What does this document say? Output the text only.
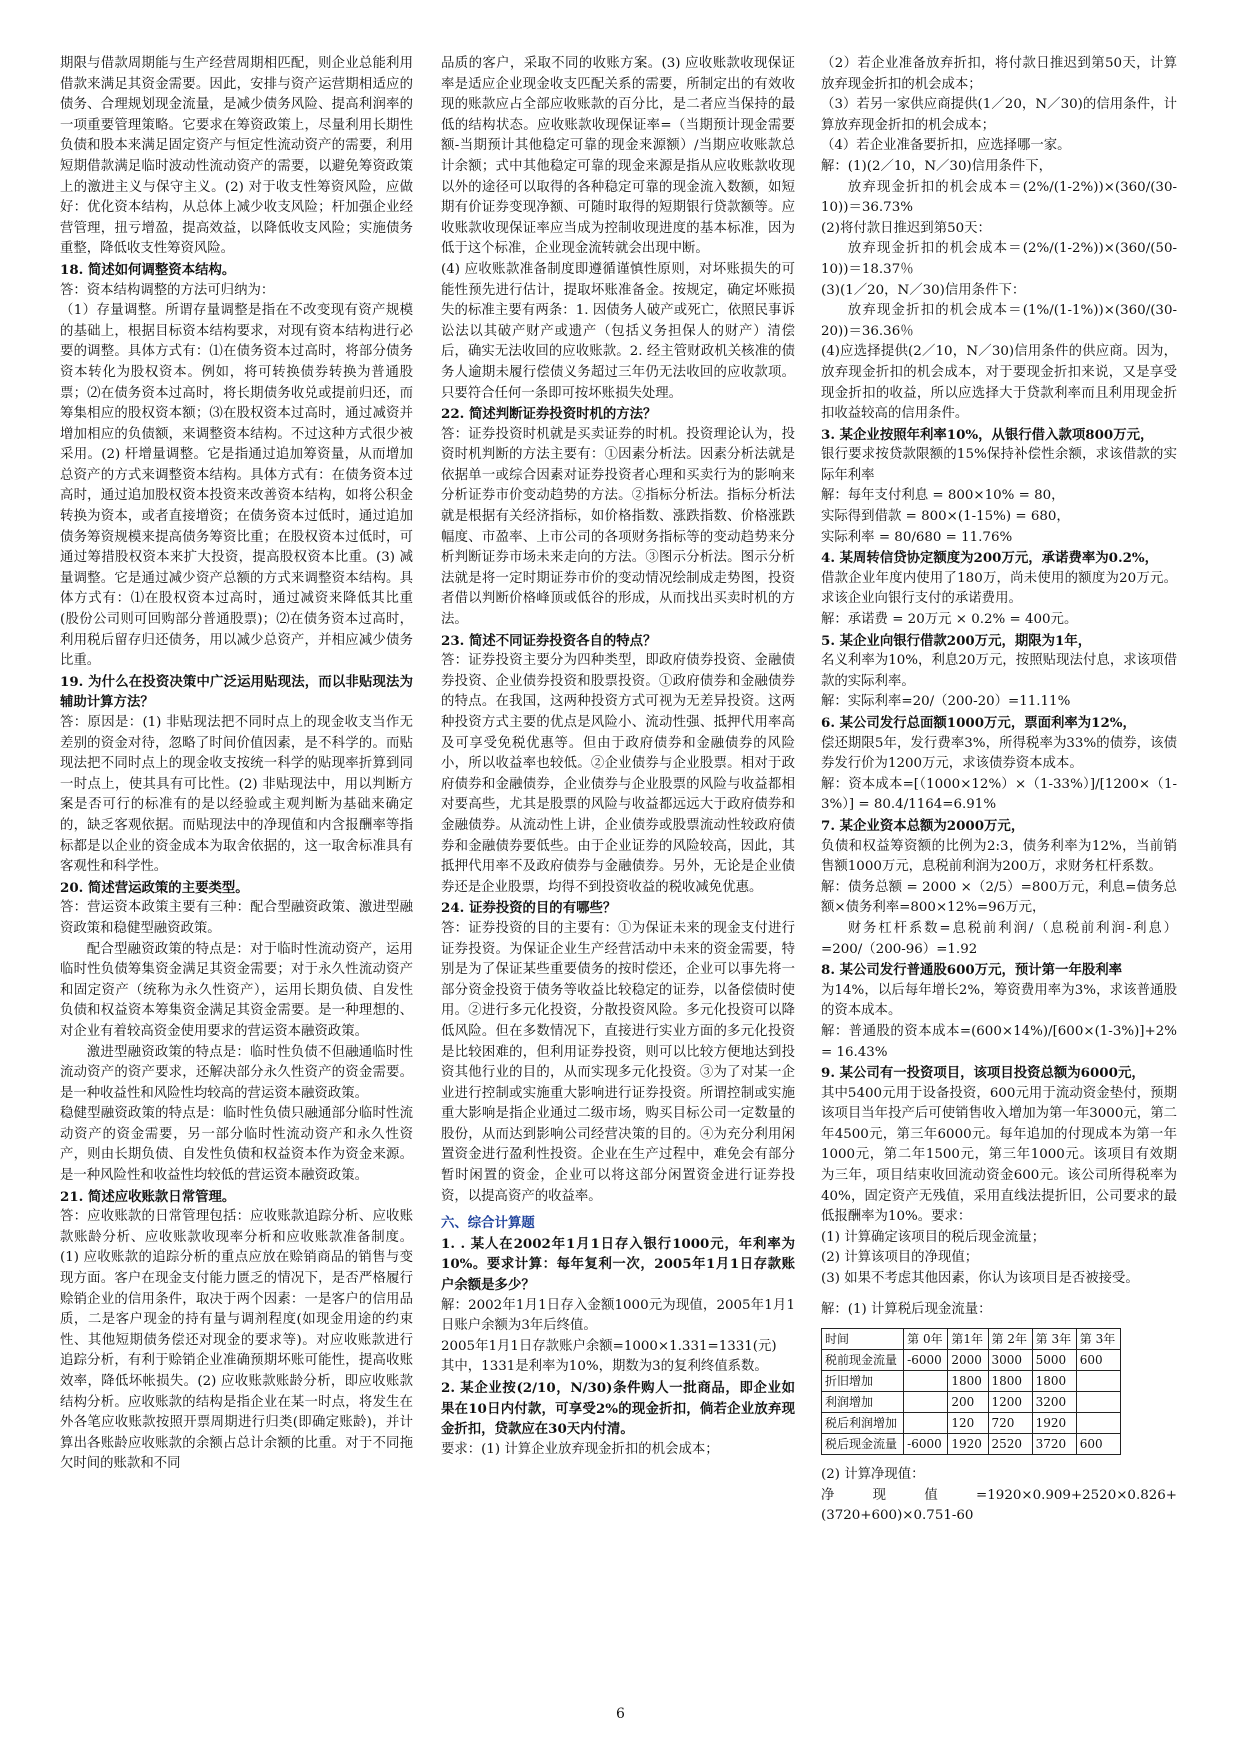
期限与借款周期能与生产经营周期相匹配，则企业总能利用借款来满足其资金需要。因此，安排与资产运营期相适应的债务、合理规划现金流量，是减少债务风险、提高利润率的一项重要管理策略。它要求在筹资政策上，尽量利用长期性负债和股本来满足固定资产与恒定性流动资产的需要，利用短期借款满足临时波动性流动资产的需要，以避免筹资政策上的激进主义与保守主义。(2) 对于收支性筹资风险，应做好：优化资本结构，从总体上减少收支风险；杆加强企业经营管理，扭亏增盈，提高效益，以降低收支风险；实施债务重整，降低收支性筹资风险。

18. 简述如何调整资本结构。

答：资本结构调整的方法可归纳为：

（1）存量调整。所谓存量调整是指在不改变现有资产规模的基础上，根据目标资本结构要求，对现有资本结构进行必要的调整。具体方式有：⑴在债务资本过高时，将部分债务资本转化为股权资本。例如，将可转换债券转换为普通股票；⑵在债务资本过高时，将长期债务收兑或提前归还，而筹集相应的股权资本额；⑶在股权资本过高时，通过减资并增加相应的负债额，来调整资本结构。不过这种方式很少被采用。(2) 杆增量调整。它是指通过追加筹资量，从而增加总资产的方式来调整资本结构。具体方式有：在债务资本过高时，通过追加股权资本投资来改善资本结构，如将公积金转换为资本，或者直接增资；在债务资本过低时，通过追加债务筹资规模来提高债务筹资比重；在股权资本过低时，可通过筹措股权资本来扩大投资，提高股权资本比重。(3) 减量调整。它是通过减少资产总额的方式来调整资本结构。具体方式有：⑴在股权资本过高时，通过减资来降低其比重(股份公司则可回购部分普通股票)；⑵在债务资本过高时，利用税后留存归还债务，用以减少总资产，并相应减少债务比重。

19. 为什么在投资决策中广泛运用贴现法，而以非贴现法为辅助计算方法？

答：原因是：(1) 非贴现法把不同时点上的现金收支当作无差别的资金对待，忽略了时间价值因素，是不科学的。而贴现法把不同时点上的现金收支按统一科学的贴现率折算到同一时点上，使其具有可比性。(2) 非贴现法中，用以判断方案是否可行的标准有的是以经验或主观判断为基础来确定的，缺乏客观依据。而贴现法中的净现值和内含报酬率等指标都是以企业的资金成本为取舍依据的，这一取舍标准具有客观性和科学性。

20. 简述营运政策的主要类型。

答：营运资本政策主要有三种：配合型融资政策、激进型融资政策和稳健型融资政策。

配合型融资政策的特点是：对于临时性流动资产，运用临时性负债筹集资金满足其资金需要；对于永久性流动资产和固定资产（统称为永久性资产），运用长期负债、自发性负债和权益资本筹集资金满足其资金需要。是一种理想的、对企业有着较高资金使用要求的营运资本融资政策。

激进型融资政策的特点是：临时性负债不但融通临时性流动资产的资产要求，还解决部分永久性资产的资金需要。是一种收益性和风险性均较高的营运资本融资政策。

稳健型融资政策的特点是：临时性负债只融通部分临时性流动资产的资金需要，另一部分临时性流动资产和永久性资产，则由长期负债、自发性负债和权益资本作为资金来源。是一种风险性和收益性均较低的营运资本融资政策。

21. 简述应收账款日常管理。

答：应收账款的日常管理包括：应收账款追踪分析、应收账款账龄分析、应收账款收现率分析和应收账款准备制度。(1) 应收账款的追踪分析的重点应放在赊销商品的销售与变现方面。客户在现金支付能力匮乏的情况下，是否严格履行赊销企业的信用条件，取决于两个因素：一是客户的信用品质，二是客户现金的持有量与调剂程度(如现金用途的约束性、其他短期债务偿还对现金的要求等)。对应收账款进行追踪分析，有利于赊销企业准确预期坏账可能性，提高收账效率，降低坏帐损失。(2) 应收账款账龄分析，即应收账款结构分析。应收账款的结构是指企业在某一时点，将发生在外各笔应收账款按照开票周期进行归类(即确定账龄)，并计算出各账龄应收账款的余额占总计余额的比重。对于不同拖欠时间的账款和不同

品质的客户，采取不同的收账方案。(3) 应收账款收现保证率是适应企业现金收支匹配关系的需要，所制定出的有效收现的账款应占全部应收账款的百分比，是二者应当保持的最低的结构状态。应收账款收现保证率=（当期预计现金需要额-当期预计其他稳定可靠的现金来源额）/当期应收账款总计余额；式中其他稳定可靠的现金来源是指从应收账款收现以外的途径可以取得的各种稳定可靠的现金流入数额，如短期有价证券变现净额、可随时取得的短期银行贷款额等。应收账款收现保证率应当成为控制收现进度的基本标准，因为低于这个标准，企业现金流转就会出现中断。

(4) 应收账款准备制度即遵循谨慎性原则，对坏账损失的可能性预先进行估计，提取坏账准备金。按规定，确定坏账损失的标准主要有两条：1. 因债务人破产或死亡，依照民事诉讼法以其破产财产或遗产（包括义务担保人的财产）清偿后，确实无法收回的应收账款。2. 经主管财政机关核准的债务人逾期未履行偿债义务超过三年仍无法收回的应收款项。只要符合任何一条即可按坏账损失处理。

22. 简述判断证券投资时机的方法？

答：证券投资时机就是买卖证券的时机。投资理论认为，投资时机判断的方法主要有：①因素分析法。因素分析法就是依据单一或综合因素对证券投资者心理和买卖行为的影响来分析证券市价变动趋势的方法。②指标分析法。指标分析法就是根据有关经济指标，如价格指数、涨跌指数、价格涨跌幅度、市盈率、上市公司的各项财务指标等的变动趋势来分析判断证券市场未来走向的方法。③图示分析法。图示分析法就是将一定时期证券市价的变动情况绘制成走势图，投资者借以判断价格峰顶或低谷的形成，从而找出买卖时机的方法。

23. 简述不同证券投资各自的特点？

答：证券投资主要分为四种类型，即政府债券投资、金融债券投资、企业债券投资和股票投资。①政府债券和金融债券的特点。在我国，这两种投资方式可视为无差异投资。这两种投资方式主要的优点是风险小、流动性强、抵押代用率高及可享受免税优惠等。但由于政府债券和金融债券的风险小，所以收益率也较低。②企业债券与企业股票。相对于政府债券和金融债券，企业债券与企业股票的风险与收益都相对要高些，尤其是股票的风险与收益都远远大于政府债券和金融债券。从流动性上讲，企业债券或股票流动性较政府债券和金融债券要低些。由于企业证券的风险较高，因此，其抵押代用率不及政府债券与金融债券。另外，无论是企业债券还是企业股票，均得不到投资收益的税收减免优惠。

24. 证券投资的目的有哪些？

答：证券投资的目的主要有：①为保证未来的现金支付进行证券投资。为保证企业生产经营活动中未来的资金需要，特别是为了保证某些重要债务的按时偿还，企业可以事先将一部分资金投资于债务等收益比较稳定的证券，以备偿债时使用。②进行多元化投资，分散投资风险。多元化投资可以降低风险。但在多数情况下，直接进行实业方面的多元化投资是比较困难的，但利用证券投资，则可以比较方便地达到投资其他行业的目的，从而实现多元化投资。③为了对某一企业进行控制或实施重大影响进行证券投资。所谓控制或实施重大影响是指企业通过二级市场，购买目标公司一定数量的股份，从而达到影响公司经营决策的目的。④为充分利用闲置资金进行盈利性投资。企业在生产过程中，难免会有部分暂时闲置的资金，企业可以将这部分闲置资金进行证券投资，以提高资产的收益率。

六、综合计算题

1. . 某人在2002年1月1日存入银行1000元，年利率为10%。要求计算：每年复利一次，2005年1月1日存款账户余额是多少？

解：2002年1月1日存入金额1000元为现值，2005年1月1日账户余额为3年后终值。

2005年1月1日存款账户余额=1000×1.331=1331(元)

其中，1331是利率为10%，期数为3的复利终值系数。

2. 某企业按(2/10，N/30)条件购人一批商品，即企业如果在10日内付款，可享受2%的现金折扣，倘若企业放弃现金折扣，贷款应在30天内付清。

要求：(1) 计算企业放弃现金折扣的机会成本；

（2）若企业准备放弃折扣，将付款日推迟到第50天，计算放弃现金折扣的机会成本；

（3）若另一家供应商提供(1／20，N／30)的信用条件，计算放弃现金折扣的机会成本；

（4）若企业准备要折扣，应选择哪一家。

解：(1)(2／10，N／30)信用条件下，

放弃现金折扣的机会成本＝(2%/(1-2%))×(360/(30-10))＝36.73%

(2)将付款日推迟到第50天：

放弃现金折扣的机会成本＝(2%/(1-2%))×(360/(50-10))＝18.37％

(3)(1／20，N／30)信用条件下：

放弃现金折扣的机会成本＝(1%/(1-1%))×(360/(30-20))＝36.36％

(4)应选择提供(2／10，N／30)信用条件的供应商。因为，放弃现金折扣的机会成本，对于要现金折扣来说，又是享受现金折扣的收益，所以应选择大于贷款利率而且利用现金折扣收益较高的信用条件。

3. 某企业按照年利率10%，从银行借入款项800万元，

银行要求按贷款限额的15%保持补偿性余额，求该借款的实际年利率

解：每年支付利息 = 800×10% = 80，

实际得到借款 = 800×(1-15%) = 680，

实际利率 = 80/680 = 11.76%

4. 某周转信贷协定额度为200万元，承诺费率为0.2%，

借款企业年度内使用了180万，尚未使用的额度为20万元。求该企业向银行支付的承诺费用。

解：承诺费 = 20万元 × 0.2% = 400元。

5. 某企业向银行借款200万元，期限为1年，

名义利率为10%，利息20万元，按照贴现法付息，求该项借款的实际利率。

解：实际利率=20/（200-20）=11.11%

6. 某公司发行总面额1000万元，票面利率为12%，

偿还期限5年，发行费率3%，所得税率为33%的债券，该债券发行价为1200万元，求该债券资本成本。

解：资本成本=[（1000×12%）×（1-33%）]/[1200×（1-3%）] = 80.4/1164=6.91%

7. 某企业资本总额为2000万元，

负债和权益筹资额的比例为2:3，债务利率为12%，当前销售额1000万元，息税前利润为200万，求财务杠杆系数。

解：债务总额 = 2000 ×（2/5）=800万元，利息=债务总额×债务利率=800×12%=96万元，

财务杠杆系数=息税前利润/（息税前利润-利息）=200/（200-96）=1.92

8. 某公司发行普通股600万元，预计第一年股利率

为14%，以后每年增长2%，筹资费用率为3%，求该普通股的资本成本。

解：普通股的资本成本=(600×14%)/[600×(1-3%)]+2% = 16.43%

9. 某公司有一投资项目，该项目投资总额为6000元，

其中5400元用于设备投资，600元用于流动资金垫付，预期该项目当年投产后可使销售收入增加为第一年3000元，第二年4500元，第三年6000元。每年追加的付现成本为第一年1000元，第二年1500元，第三年1000元。该项目有效期为三年，项目结束收回流动资金600元。该公司所得税率为40%，固定资产无残值，采用直线法提折旧，公司要求的最低报酬率为10%。要求：

(1) 计算确定该项目的税后现金流量；

(2) 计算该项目的净现值；

(3) 如果不考虑其他因素，你认为该项目是否被接受。

解：(1) 计算税后现金流量：

时间	第 0年	第1年	第 2年	第 3年	第 3年
税前现金流量	-6000	2000	3000	5000	600
折旧增加		1800	1800	1800	
利润增加		200	1200	3200	
税后利润增加		120	720	1920	
税后现金流量	-6000	1920	2520	3720	600

(2) 计算净现值：

净现值=1920×0.909+2520×0.826+(3720+600)×0.751-60

6
